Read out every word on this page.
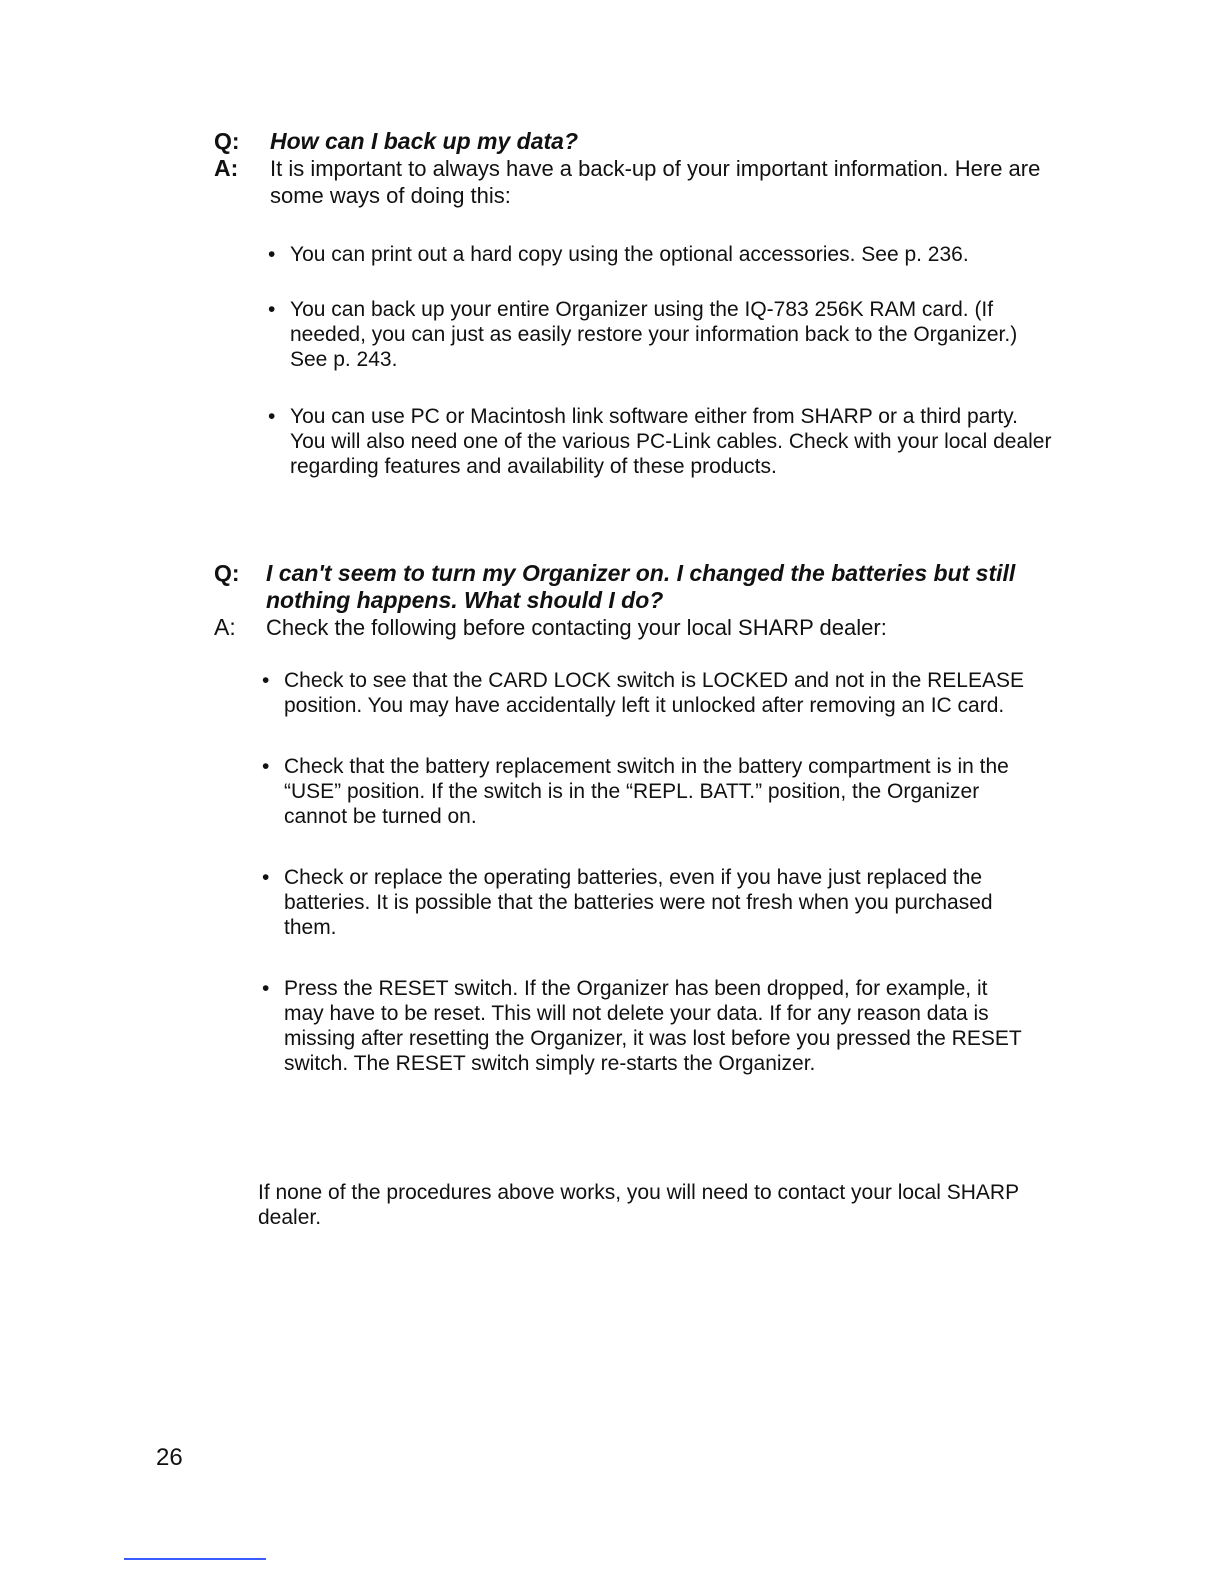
Q:	How can I back up my data?
A:	It is important to always have a back-up of your important information. Here are some ways of doing this:
• You can print out a hard copy using the optional accessories. See p. 236.
• You can back up your entire Organizer using the IQ-783 256K RAM card. (If needed, you can just as easily restore your information back to the Organizer.) See p. 243.
• You can use PC or Macintosh link software either from SHARP or a third party. You will also need one of the various PC-Link cables. Check with your local dealer regarding features and availability of these products.
Q:	I can't seem to turn my Organizer on. I changed the batteries but still nothing happens. What should I do?
A:	Check the following before contacting your local SHARP dealer:
• Check to see that the CARD LOCK switch is LOCKED and not in the RELEASE position. You may have accidentally left it unlocked after removing an IC card.
• Check that the battery replacement switch in the battery compartment is in the “USE” position. If the switch is in the “REPL. BATT.” position, the Organizer cannot be turned on.
• Check or replace the operating batteries, even if you have just replaced the batteries. It is possible that the batteries were not fresh when you purchased them.
• Press the RESET switch. If the Organizer has been dropped, for example, it may have to be reset. This will not delete your data. If for any reason data is missing after resetting the Organizer, it was lost before you pressed the RESET switch. The RESET switch simply re-starts the Organizer.

If none of the procedures above works, you will need to contact your local SHARP dealer.

26
